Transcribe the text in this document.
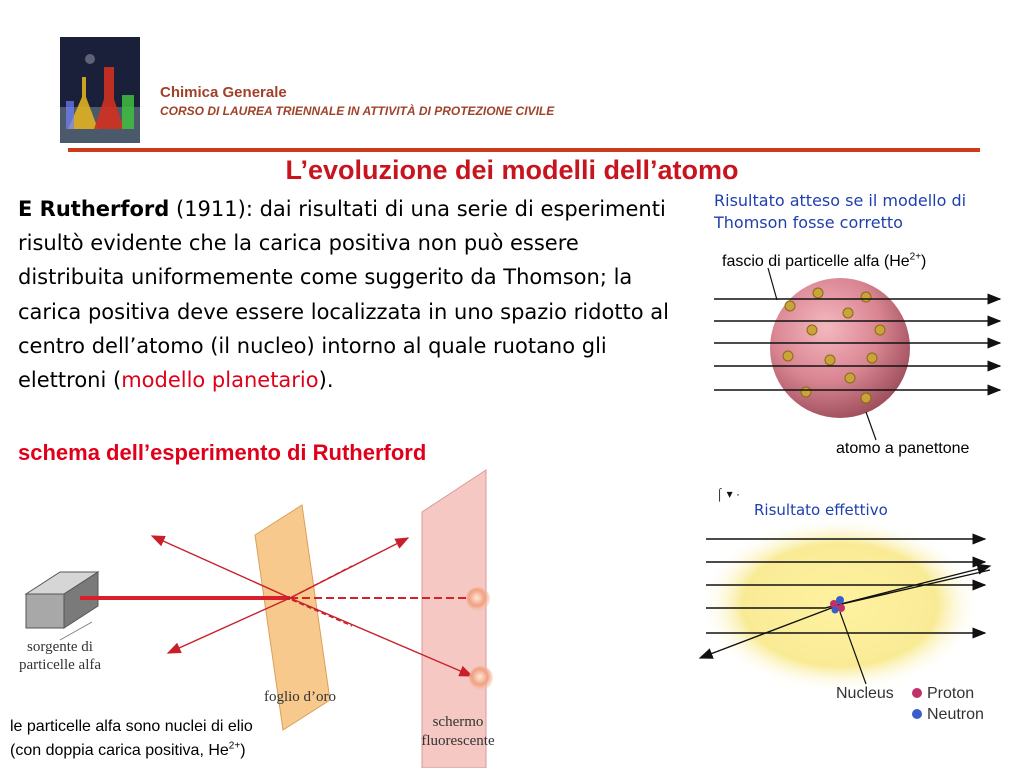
Chimica Generale
CORSO DI LAUREA TRIENNALE IN ATTIVITÀ DI PROTEZIONE CIVILE
L’evoluzione dei modelli dell’atomo
E Rutherford (1911): dai risultati di una serie di esperimenti risultò evidente che la carica positiva non può essere distribuita uniformemente come suggerito da Thomson; la carica positiva deve essere localizzata in uno spazio ridotto al centro dell’atomo (il nucleo) intorno al quale ruotano gli elettroni (modello planetario).
schema dell’esperimento di Rutherford
⌠ ▾ ·
Risultato atteso se il modello di Thomson fosse corretto
fascio di particelle alfa $(He^{2+})$
atomo a panettone
Risultato effettivo
Nucleus Proton
Neutron
sorgente di particelle alfa
foglio d’oro
schermo fluorescente
le particelle alfa sono nuclei di elio
(con doppia carica positiva, $He^{2+}$)
